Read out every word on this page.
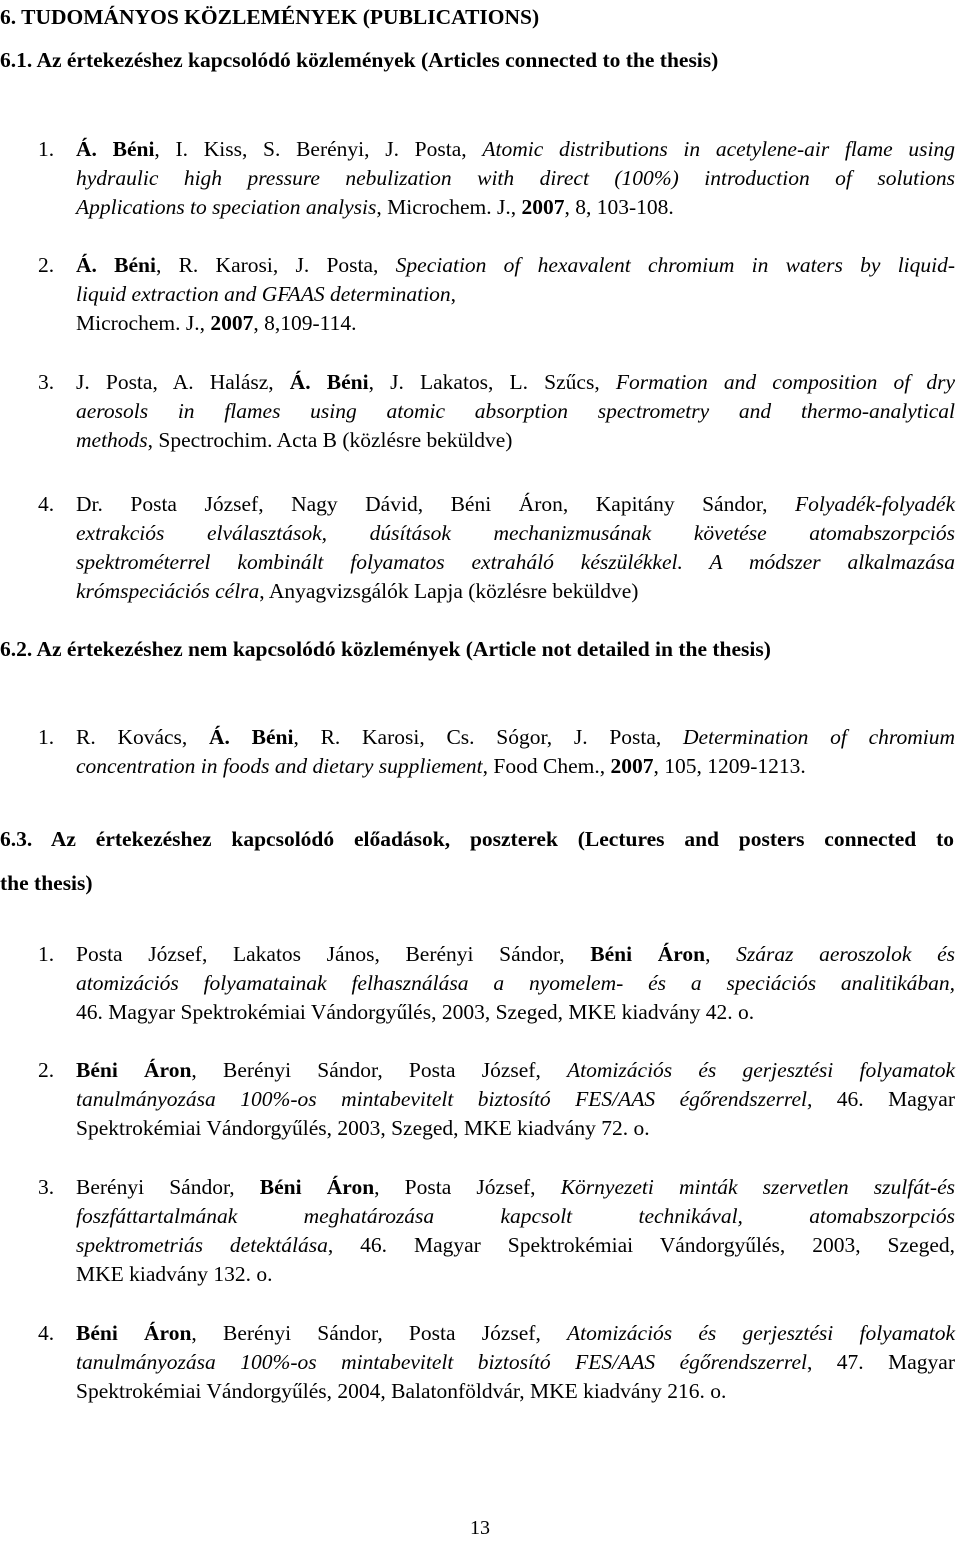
6. TUDOMÁNYOS KÖZLEMÉNYEK (PUBLICATIONS)
6.1. Az értekezéshez kapcsolódó közlemények (Articles connected to the thesis)
1.	Á. Béni, I. Kiss, S. Berényi, J. Posta, Atomic distributions in acetylene-air flame using
hydraulic high pressure nebulization with direct (100%) introduction of solutions
Applications to speciation analysis, Microchem. J., 2007, 8, 103-108.
2.	Á. Béni, R. Karosi, J. Posta, Speciation of hexavalent chromium in waters by liquid-
liquid extraction and GFAAS determination,
Microchem. J., 2007, 8,109-114.
3.	J. Posta, A. Halász, Á. Béni, J. Lakatos, L. Szűcs, Formation and composition of dry
aerosols in flames using atomic absorption spectrometry and thermo-analytical
methods, Spectrochim. Acta B (közlésre beküldve)
4.	Dr. Posta József, Nagy Dávid, Béni Áron, Kapitány Sándor, Folyadék-folyadék
extrakciós elválasztások, dúsítások mechanizmusának követése atomabszorpciós
spektrométerrel kombinált folyamatos extraháló készülékkel. A módszer alkalmazása
krómspeciációs célra, Anyagvizsgálók Lapja (közlésre beküldve)
6.2. Az értekezéshez nem kapcsolódó közlemények (Article not detailed in the thesis)
1.	R. Kovács, Á. Béni, R. Karosi, Cs. Sógor, J. Posta, Determination of chromium
concentration in foods and dietary suppliement, Food Chem., 2007, 105, 1209-1213.
6.3. Az értekezéshez kapcsolódó előadások, poszterek (Lectures and posters connected to
the thesis)
1.	Posta József, Lakatos János, Berényi Sándor, Béni Áron, Száraz aeroszolok és
atomizációs folyamatainak felhasználása a nyomelem- és a speciációs analitikában,
46. Magyar Spektrokémiai Vándorgyűlés, 2003, Szeged, MKE kiadvány 42. o.
2.	Béni Áron, Berényi Sándor, Posta József, Atomizációs és gerjesztési folyamatok
tanulmányozása 100%-os mintabevitelt biztosító FES/AAS égőrendszerrel, 46. Magyar
Spektrokémiai Vándorgyűlés, 2003, Szeged, MKE kiadvány 72. o.
3.	Berényi Sándor, Béni Áron, Posta József, Környezeti minták szervetlen szulfát-és
foszfáttartalmának meghatározása kapcsolt technikával, atomabszorpciós
spektrometriás detektálása, 46. Magyar Spektrokémiai Vándorgyűlés, 2003, Szeged,
MKE kiadvány 132. o.
4.	Béni Áron, Berényi Sándor, Posta József, Atomizációs és gerjesztési folyamatok
tanulmányozása 100%-os mintabevitelt biztosító FES/AAS égőrendszerrel, 47. Magyar
Spektrokémiai Vándorgyűlés, 2004, Balatonföldvár, MKE kiadvány 216. o.
13
